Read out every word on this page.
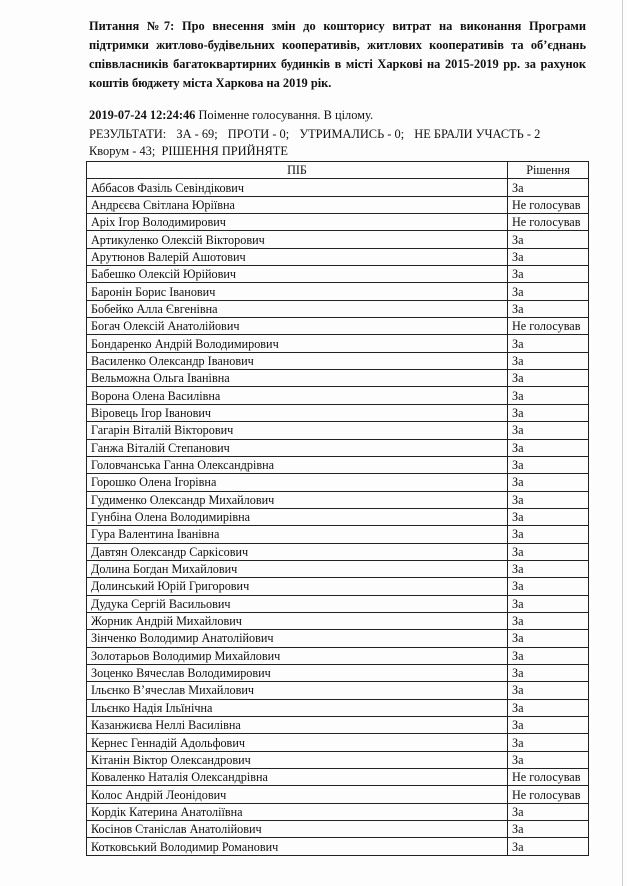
Питання №7: Про внесення змін до кошторису витрат на виконання Програми підтримки житлово-будівельних кооперативів, житлових кооперативів та об’єднань співвласників багатоквартирних будинків в місті Харкові на 2015-2019 рр. за рахунок коштів бюджету міста Харкова на 2019 рік.
2019-07-24 12:24:46 Поіменне голосування. В цілому.
РЕЗУЛЬТАТИ: ЗА - 69; ПРОТИ - 0; УТРИМАЛИСЬ - 0; НЕ БРАЛИ УЧАСТЬ - 2
Кворум - 43; РІШЕННЯ ПРИЙНЯТЕ
ПІБ	Рішення
Аббасов Фазіль Севіндікович	За
Андрєєва Світлана Юріївна	Не голосував
Аріх Ігор Володимирович	Не голосував
Артикуленко Олексій Вікторович	За
Арутюнов Валерій Ашотович	За
Бабешко Олексій Юрійович	За
Баронін Борис Іванович	За
Бобейко Алла Євгенівна	За
Богач Олексій Анатолійович	Не голосував
Бондаренко Андрій Володимирович	За
Василенко Олександр Іванович	За
Вельможна Ольга Іванівна	За
Ворона Олена Василівна	За
Віровець Ігор Іванович	За
Гагарін Віталій Вікторович	За
Ганжа Віталій Степанович	За
Головчанська Ганна Олександрівна	За
Горошко Олена Ігорівна	За
Гудименко Олександр Михайлович	За
Гунбіна Олена Володимирівна	За
Гура Валентина Іванівна	За
Давтян Олександр Саркісович	За
Долина Богдан Михайлович	За
Долинський Юрій Григорович	За
Дудука Сергій Васильович	За
Жорник Андрій Михайлович	За
Зінченко Володимир Анатолійович	За
Золотарьов Володимир Михайлович	За
Зоценко Вячеслав Володимирович	За
Ільєнко В’ячеслав Михайлович	За
Ільєнко Надія Ільїнічна	За
Казанжиєва Неллі Василівна	За
Кернес Геннадій Адольфович	За
Кітанін Віктор Олександрович	За
Коваленко Наталія Олександрівна	Не голосував
Колос Андрій Леонідович	Не голосував
Кордік Катерина Анатоліївна	За
Косінов Станіслав Анатолійович	За
Котковський Володимир Романович	За
